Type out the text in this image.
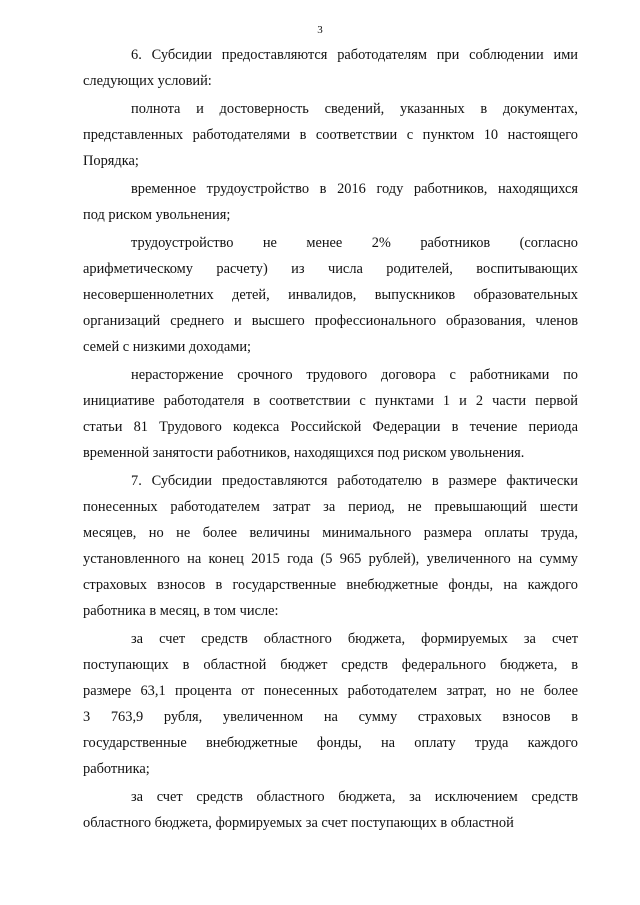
3
6. Субсидии предоставляются работодателям при соблюдении ими
следующих условий:
полнота и достоверность сведений, указанных в документах,
представленных работодателями в соответствии с пунктом 10 настоящего
Порядка;
временное трудоустройство в 2016 году работников, находящихся
под риском увольнения;
трудоустройство не менее 2% работников (согласно
арифметическому расчету) из числа родителей, воспитывающих
несовершеннолетних детей, инвалидов, выпускников образовательных
организаций среднего и высшего профессионального образования, членов
семей с низкими доходами;
нерасторжение срочного трудового договора с работниками по
инициативе работодателя в соответствии с пунктами 1 и 2 части первой
статьи 81 Трудового кодекса Российской Федерации в течение периода
временной занятости работников, находящихся под риском увольнения.
7. Субсидии предоставляются работодателю в размере фактически
понесенных работодателем затрат за период, не превышающий шести
месяцев, но не более величины минимального размера оплаты труда,
установленного на конец 2015 года (5 965 рублей), увеличенного на сумму
страховых взносов в государственные внебюджетные фонды, на каждого
работника в месяц, в том числе:
за счет средств областного бюджета, формируемых за счет
поступающих в областной бюджет средств федерального бюджета, в
размере 63,1 процента от понесенных работодателем затрат, но не более
3 763,9 рубля, увеличенном на сумму страховых взносов в
государственные внебюджетные фонды, на оплату труда каждого
работника;
за счет средств областного бюджета, за исключением средств
областного бюджета, формируемых за счет поступающих в областной
